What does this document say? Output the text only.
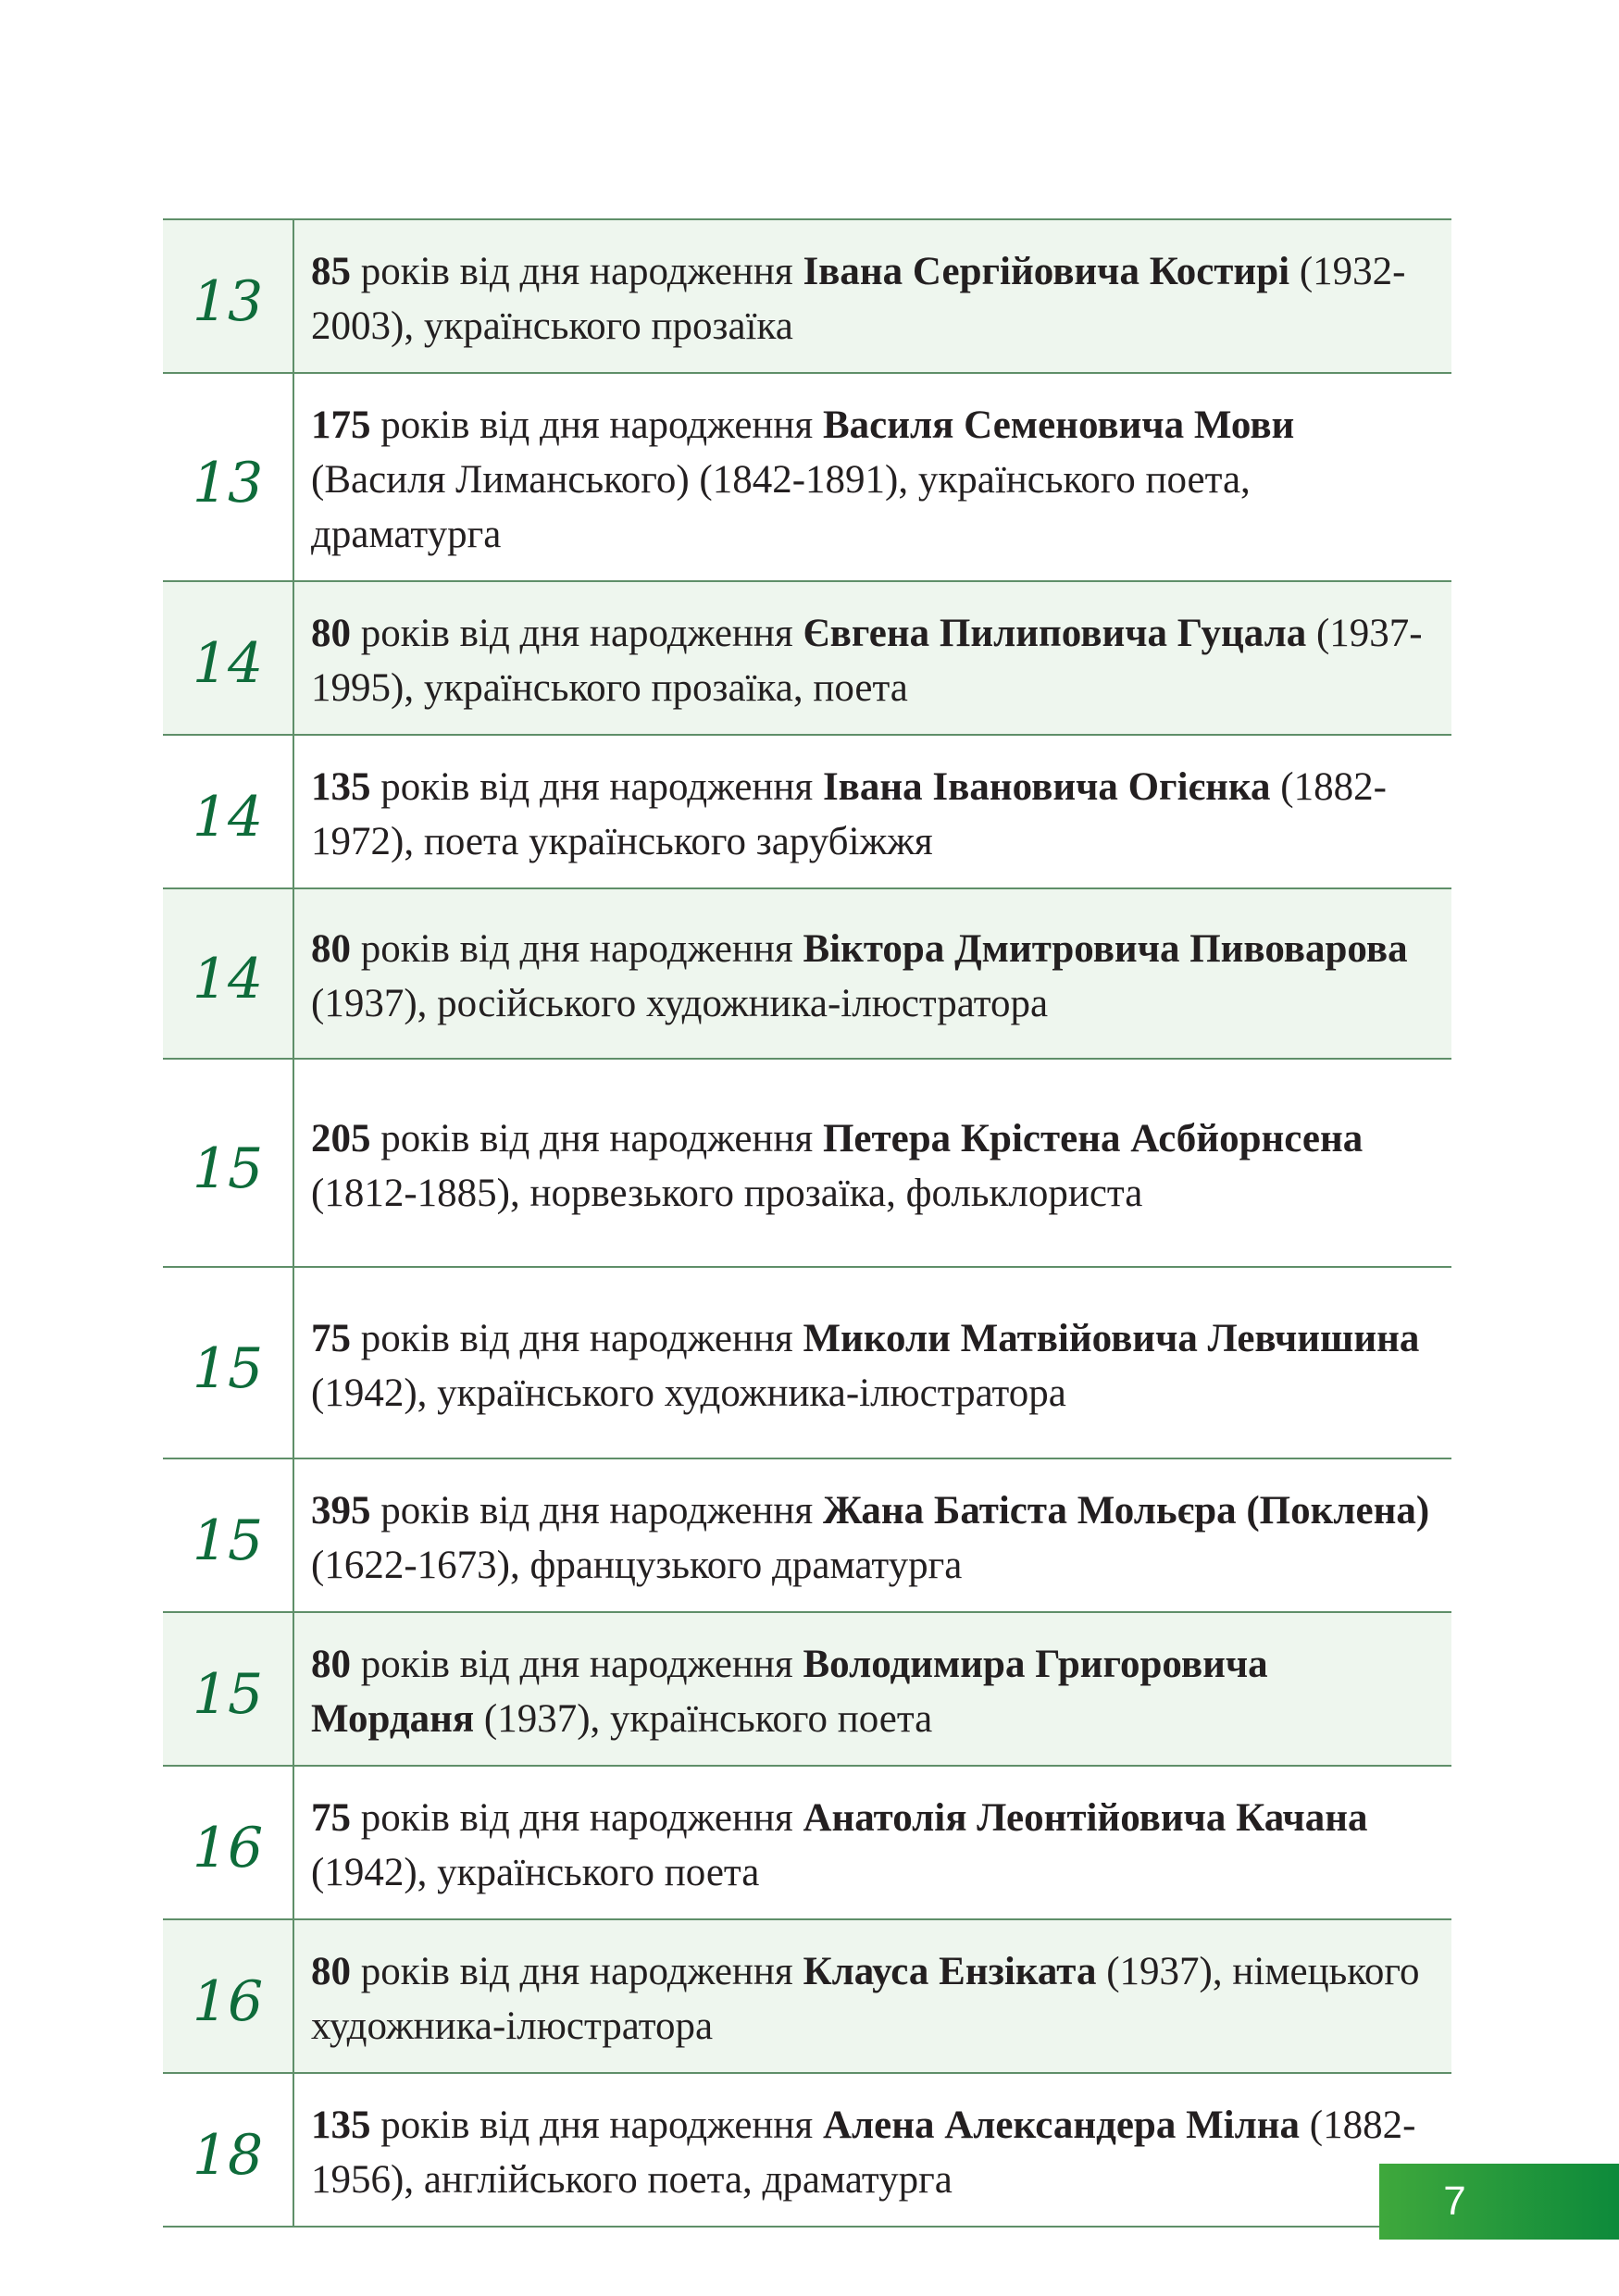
13	85 років від дня народження Івана Сергійовича Костирі (1932-2003), українського прозаїка
13	175 років від дня народження Василя Семеновича Мови (Василя Лиманського) (1842-1891), українського поета, драматурга
14	80 років від дня народження Євгена Пилиповича Гуцала (1937-1995), українського прозаїка, поета
14	135 років від дня народження Івана Івановича Огієнка (1882-1972), поета українського зарубіжжя
14	80 років від дня народження Віктора Дмитровича Пивоварова (1937), російського художника-ілюстратора
15	205 років від дня народження Петера Крістена Асбйорнсена (1812-1885), норвезького прозаїка, фольклориста
15	75 років від дня народження Миколи Матвійовича Левчишина (1942), українського художника-ілюстратора
15	395 років від дня народження Жана Батіста Мольєра (Поклена) (1622-1673), французького драматурга
15	80 років від дня народження Володимира Григоровича Морданя (1937), українського поета
16	75 років від дня народження Анатолія Леонтійовича Качана (1942), українського поета
16	80 років від дня народження Клауса Ензіката (1937), німецького художника-ілюстратора
18	135 років від дня народження Алена Александера Мілна (1882-1956), англійського поета, драматурга	7
